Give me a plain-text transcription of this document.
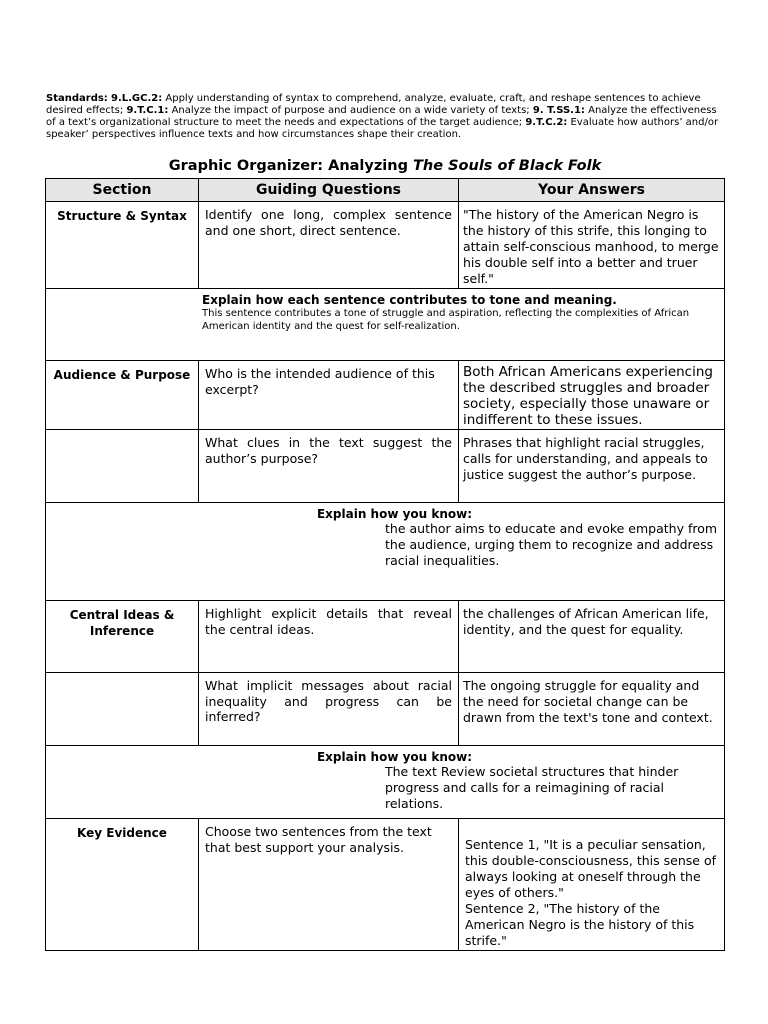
Standards: 9.L.GC.2: Apply understanding of syntax to comprehend, analyze, evaluate, craft, and reshape sentences to achieve desired effects; 9.T.C.1: Analyze the impact of purpose and audience on a wide variety of texts; 9. T.SS.1: Analyze the effectiveness of a text’s organizational structure to meet the needs and expectations of the target audience; 9.T.C.2: Evaluate how authors’ and/or speaker’ perspectives influence texts and how circumstances shape their creation.
Graphic Organizer: Analyzing The Souls of Black Folk
Section	Guiding Questions	Your Answers
Structure & Syntax	Identify one long, complex sentence and one short, direct sentence.	"The history of the American Negro is the history of this strife, this longing to attain self-conscious manhood, to merge his double self into a better and truer self."

Explain how each sentence contributes to tone and meaning.
This sentence contributes a tone of struggle and aspiration, reflecting the complexities of African American identity and the quest for self-realization.		

Audience & Purpose	Who is the intended audience of this excerpt?	Both African Americans experiencing the described struggles and broader society, especially those unaware or indifferent to these issues.
	What clues in the text suggest the author’s purpose?	Phrases that highlight racial struggles, calls for understanding, and appeals to justice suggest the author’s purpose.

Explain how you know:
the author aims to educate and evoke empathy from the audience, urging them to recognize and address racial inequalities.		

Central Ideas & Inference	Highlight explicit details that reveal the central ideas.	the challenges of African American life, identity, and the quest for equality.
	What implicit messages about racial inequality and progress can be inferred?	The ongoing struggle for equality and the need for societal change can be drawn from the text's tone and context.

Explain how you know:
The text Review societal structures that hinder progress and calls for a reimagining of racial relations.		

Key Evidence	Choose two sentences from the text that best support your analysis.	Sentence 1, "It is a peculiar sensation, this double-consciousness, this sense of always looking at oneself through the eyes of others."
Sentence 2, "The history of the American Negro is the history of this strife."
